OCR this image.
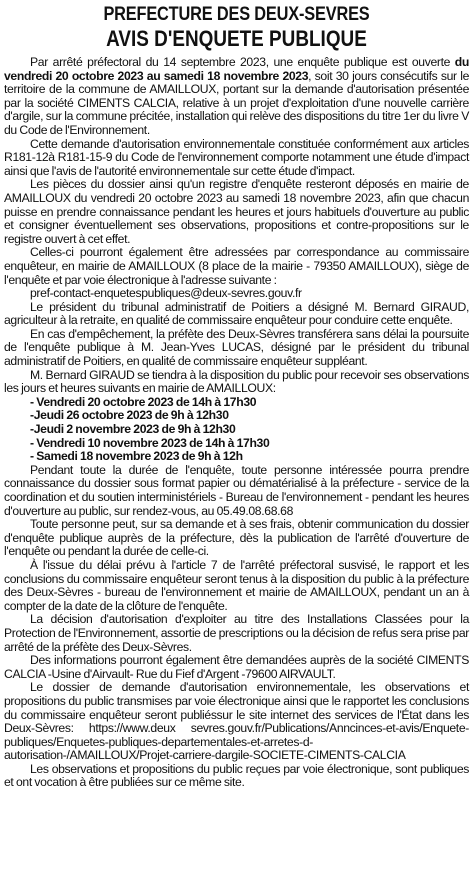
PREFECTURE DES DEUX-SEVRES
AVIS D'ENQUETE PUBLIQUE

Par arrêté préfectoral du 14 septembre 2023, une enquête publique est ouverte du vendredi 20 octobre 2023 au samedi 18 novembre 2023, soit 30 jours consécutifs sur le territoire de la commune de AMAILLOUX, portant sur la demande d'autorisation présentée par la société CIMENTS CALCIA, relative à un projet d'exploitation d'une nouvelle carrière d'argile, sur la commune précitée, installation qui relève des dispositions du titre 1er du livre V du Code de l'Environnement.

Cette demande d'autorisation environnementale constituée conformément aux articles R181-12à R181-15-9 du Code de l'environnement comporte notamment une étude d'impact ainsi que l'avis de l'autorité environnementale sur cette étude d'impact.

Les pièces du dossier ainsi qu'un registre d'enquête resteront déposés en mairie de AMAILLOUX du vendredi 20 octobre 2023 au samedi 18 novembre 2023, afin que chacun puisse en prendre connaissance pendant les heures et jours habituels d'ouverture au public et consigner éventuellement ses observations, propositions et contre-propositions sur le registre ouvert à cet effet.

Celles-ci pourront également être adressées par correspondance au commissaire enquêteur, en mairie de AMAILLOUX (8 place de la mairie - 79350 AMAILLOUX), siège de l'enquête et par voie électronique à l'adresse suivante :

pref-contact-enquetespubliques@deux-sevres.gouv.fr

Le président du tribunal administratif de Poitiers a désigné M. Bernard GIRAUD, agriculteur à la retraite, en qualité de commissaire enquêteur pour conduire cette enquête.

En cas d'empêchement, la préfète des Deux-Sèvres transférera sans délai la poursuite de l'enquête publique à M. Jean-Yves LUCAS, désigné par le président du tribunal administratif de Poitiers, en qualité de commissaire enquêteur suppléant.

M. Bernard GIRAUD se tiendra à la disposition du public pour recevoir ses observations les jours et heures suivants en mairie de AMAILLOUX:

- Vendredi 20 octobre 2023 de 14h à 17h30
-Jeudi 26 octobre 2023 de 9h à 12h30
-Jeudi 2 novembre 2023 de 9h à 12h30
- Vendredi 10 novembre 2023 de 14h à 17h30
- Samedi 18 novembre 2023 de 9h à 12h

Pendant toute la durée de l'enquête, toute personne intéressée pourra prendre connaissance du dossier sous format papier ou dématérialisé à la préfecture - service de la coordination et du soutien interministériels - Bureau de l'environnement - pendant les heures d'ouverture au public, sur rendez-vous, au 05.49.08.68.68

Toute personne peut, sur sa demande et à ses frais, obtenir communication du dossier d'enquête publique auprès de la préfecture, dès la publication de l'arrêté d'ouverture de l'enquête ou pendant la durée de celle-ci.

À l'issue du délai prévu à l'article 7 de l'arrêté préfectoral susvisé, le rapport et les conclusions du commissaire enquêteur seront tenus à la disposition du public à la préfecture des Deux-Sèvres - bureau de l'environnement et mairie de AMAILLOUX, pendant un an à compter de la date de la clôture de l'enquête.

La décision d'autorisation d'exploiter au titre des Installations Classées pour la Protection de l'Environnement, assortie de prescriptions ou la décision de refus sera prise par arrêté de la préfète des Deux-Sèvres.

Des informations pourront également être demandées auprès de la société CIMENTS CALCIA -Usine d'Airvault- Rue du Fief d'Argent -79600 AIRVAULT.

Le dossier de demande d'autorisation environnementale, les observations et propositions du public transmises par voie électronique ainsi que le rapportet les conclusions du commissaire enquêteur seront publiéssur le site internet des services de l'État dans les Deux-Sèvres: https://www.deux sevres.gouv.fr/Publications/Anncinces-et-avis/Enquete-publiques/Enquetes-publiques-departementales-et-arretes-d-autorisation-/AMAILLOUX/Projet-carriere-dargile-SOCIETE-CIMENTS-CALCIA

Les observations et propositions du public reçues par voie électronique, sont publiques et ont vocation à être publiées sur ce même site.
